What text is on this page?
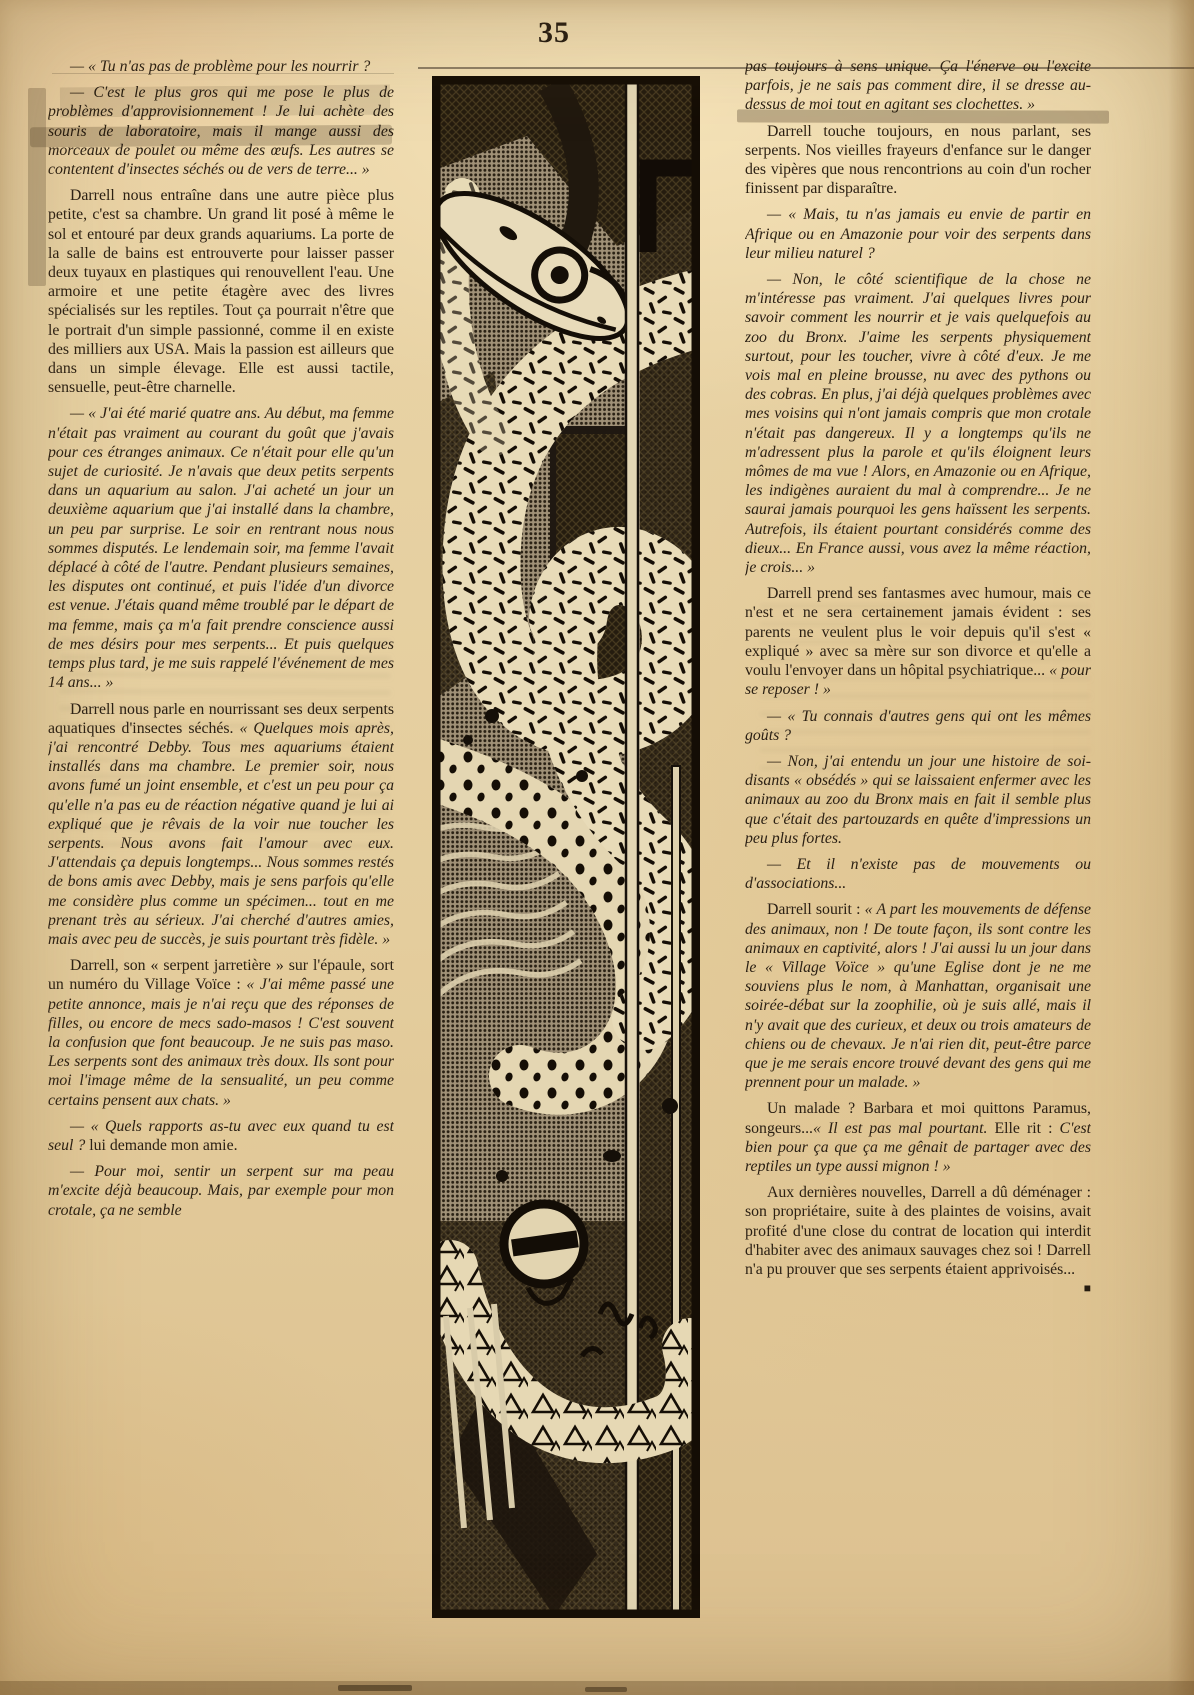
35

— « Tu n'as pas de problème pour les nourrir ?

— C'est le plus gros qui me pose le plus de problèmes d'approvisionnement ! Je lui achète des souris de laboratoire, mais il mange aussi des morceaux de poulet ou même des œufs. Les autres se contentent d'insectes séchés ou de vers de terre... »

Darrell nous entraîne dans une autre pièce plus petite, c'est sa chambre. Un grand lit posé à même le sol et entouré par deux grands aquariums. La porte de la salle de bains est entrouverte pour laisser passer deux tuyaux en plastiques qui renouvellent l'eau. Une armoire et une petite étagère avec des livres spécialisés sur les reptiles. Tout ça pourrait n'être que le portrait d'un simple passionné, comme il en existe des milliers aux USA. Mais la passion est ailleurs que dans un simple élevage. Elle est aussi tactile, sensuelle, peut-être charnelle.

— « J'ai été marié quatre ans. Au début, ma femme n'était pas vraiment au courant du goût que j'avais pour ces étranges animaux. Ce n'était pour elle qu'un sujet de curiosité. Je n'avais que deux petits serpents dans un aquarium au salon. J'ai acheté un jour un deuxième aquarium que j'ai installé dans la chambre, un peu par surprise. Le soir en rentrant nous nous sommes disputés. Le lendemain soir, ma femme l'avait déplacé à côté de l'autre. Pendant plusieurs semaines, les disputes ont continué, et puis l'idée d'un divorce est venue. J'étais quand même troublé par le départ de ma femme, mais ça m'a fait prendre conscience aussi de mes désirs pour mes serpents... Et puis quelques temps plus tard, je me suis rappelé l'événement de mes 14 ans... »

Darrell nous parle en nourrissant ses deux serpents aquatiques d'insectes séchés. « Quelques mois après, j'ai rencontré Debby. Tous mes aquariums étaient installés dans ma chambre. Le premier soir, nous avons fumé un joint ensemble, et c'est un peu pour ça qu'elle n'a pas eu de réaction négative quand je lui ai expliqué que je rêvais de la voir nue toucher les serpents. Nous avons fait l'amour avec eux. J'attendais ça depuis longtemps... Nous sommes restés de bons amis avec Debby, mais je sens parfois qu'elle me considère plus comme un spécimen... tout en me prenant très au sérieux. J'ai cherché d'autres amies, mais avec peu de succès, je suis pourtant très fidèle. »

Darrell, son « serpent jarretière » sur l'épaule, sort un numéro du Village Voïce : « J'ai même passé une petite annonce, mais je n'ai reçu que des réponses de filles, ou encore de mecs sado-masos ! C'est souvent la confusion que font beaucoup. Je ne suis pas maso. Les serpents sont des animaux très doux. Ils sont pour moi l'image même de la sensualité, un peu comme certains pensent aux chats. »

— « Quels rapports as-tu avec eux quand tu est seul ? lui demande mon amie.

— Pour moi, sentir un serpent sur ma peau m'excite déjà beaucoup. Mais, par exemple pour mon crotale, ça ne semble

pas toujours à sens unique. Ça l'énerve ou l'excite parfois, je ne sais pas comment dire, il se dresse au-dessus de moi tout en agitant ses clochettes. »

Darrell touche toujours, en nous parlant, ses serpents. Nos vieilles frayeurs d'enfance sur le danger des vipères que nous rencontrions au coin d'un rocher finissent par disparaître.

— « Mais, tu n'as jamais eu envie de partir en Afrique ou en Amazonie pour voir des serpents dans leur milieu naturel ?

— Non, le côté scientifique de la chose ne m'intéresse pas vraiment. J'ai quelques livres pour savoir comment les nourrir et je vais quelquefois au zoo du Bronx. J'aime les serpents physiquement surtout, pour les toucher, vivre à côté d'eux. Je me vois mal en pleine brousse, nu avec des pythons ou des cobras. En plus, j'ai déjà quelques problèmes avec mes voisins qui n'ont jamais compris que mon crotale n'était pas dangereux. Il y a longtemps qu'ils ne m'adressent plus la parole et qu'ils éloignent leurs mômes de ma vue ! Alors, en Amazonie ou en Afrique, les indigènes auraient du mal à comprendre... Je ne saurai jamais pourquoi les gens haïssent les serpents. Autrefois, ils étaient pourtant considérés comme des dieux... En France aussi, vous avez la même réaction, je crois... »

Darrell prend ses fantasmes avec humour, mais ce n'est et ne sera certainement jamais évident : ses parents ne veulent plus le voir depuis qu'il s'est « expliqué » avec sa mère sur son divorce et qu'elle a voulu l'envoyer dans un hôpital psychiatrique... « pour se reposer ! »

— « Tu connais d'autres gens qui ont les mêmes goûts ?

— Non, j'ai entendu un jour une histoire de soi-disants « obsédés » qui se laissaient enfermer avec les animaux au zoo du Bronx mais en fait il semble plus que c'était des partouzards en quête d'impressions un peu plus fortes.

— Et il n'existe pas de mouvements ou d'associations...

Darrell sourit : « A part les mouvements de défense des animaux, non ! De toute façon, ils sont contre les animaux en captivité, alors ! J'ai aussi lu un jour dans le « Village Voïce » qu'une Eglise dont je ne me souviens plus le nom, à Manhattan, organisait une soirée-débat sur la zoophilie, où je suis allé, mais il n'y avait que des curieux, et deux ou trois amateurs de chiens ou de chevaux. Je n'ai rien dit, peut-être parce que je me serais encore trouvé devant des gens qui me prennent pour un malade. »

Un malade ? Barbara et moi quittons Paramus, songeurs...« Il est pas mal pourtant. Elle rit : C'est bien pour ça que ça me gênait de partager avec des reptiles un type aussi mignon ! »

Aux dernières nouvelles, Darrell a dû déménager : son propriétaire, suite à des plaintes de voisins, avait profité d'une close du contrat de location qui interdit d'habiter avec des animaux sauvages chez soi ! Darrell n'a pu prouver que ses serpents étaient apprivoisés...
■
